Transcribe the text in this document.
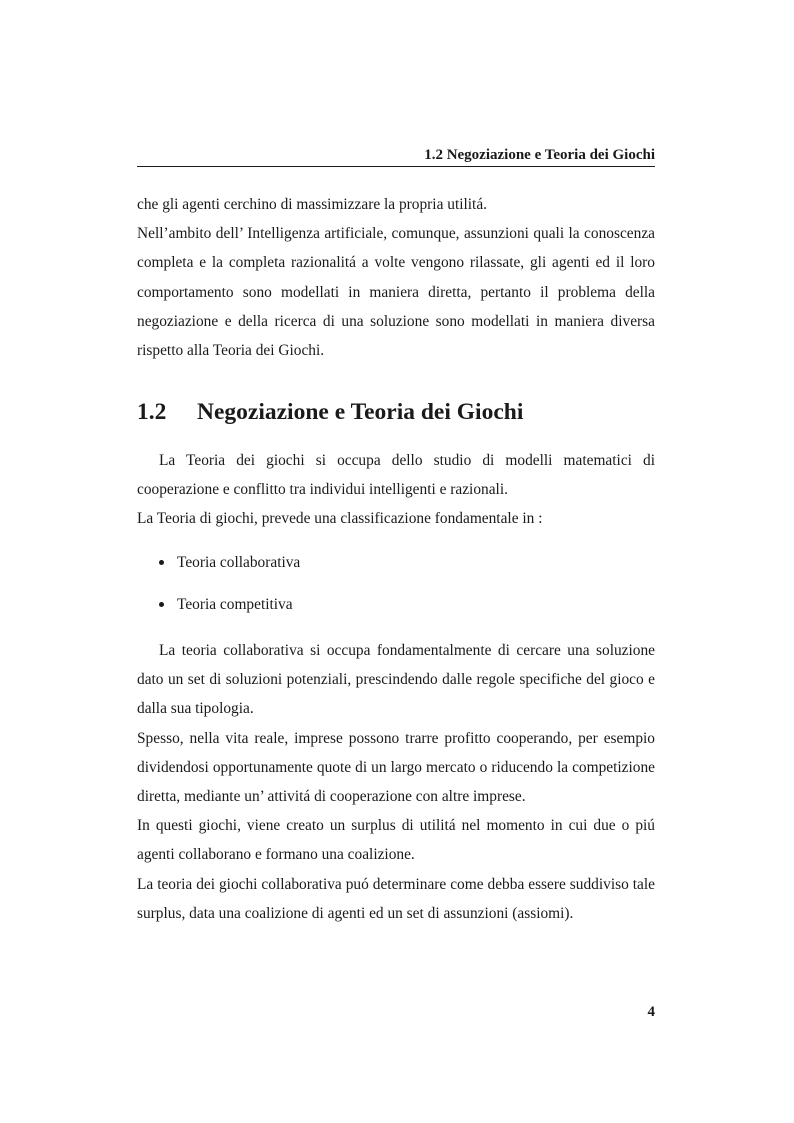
1.2 Negoziazione e Teoria dei Giochi

che gli agenti cerchino di massimizzare la propria utilitá.

Nell’ambito dell’ Intelligenza artificiale, comunque, assunzioni quali la conoscenza completa e la completa razionalitá a volte vengono rilassate, gli agenti ed il loro comportamento sono modellati in maniera diretta, pertanto il problema della negoziazione e della ricerca di una soluzione sono modellati in maniera diversa rispetto alla Teoria dei Giochi.

1.2 Negoziazione e Teoria dei Giochi

La Teoria dei giochi si occupa dello studio di modelli matematici di cooperazione e conflitto tra individui intelligenti e razionali.

La Teoria di giochi, prevede una classificazione fondamentale in :

Teoria collaborativa
Teoria competitiva

La teoria collaborativa si occupa fondamentalmente di cercare una soluzione dato un set di soluzioni potenziali, prescindendo dalle regole specifiche del gioco e dalla sua tipologia.

Spesso, nella vita reale, imprese possono trarre profitto cooperando, per esempio dividendosi opportunamente quote di un largo mercato o riducendo la competizione diretta, mediante un’ attivitá di cooperazione con altre imprese.

In questi giochi, viene creato un surplus di utilitá nel momento in cui due o piú agenti collaborano e formano una coalizione.

La teoria dei giochi collaborativa puó determinare come debba essere suddiviso tale surplus, data una coalizione di agenti ed un set di assunzioni (assiomi).

4
